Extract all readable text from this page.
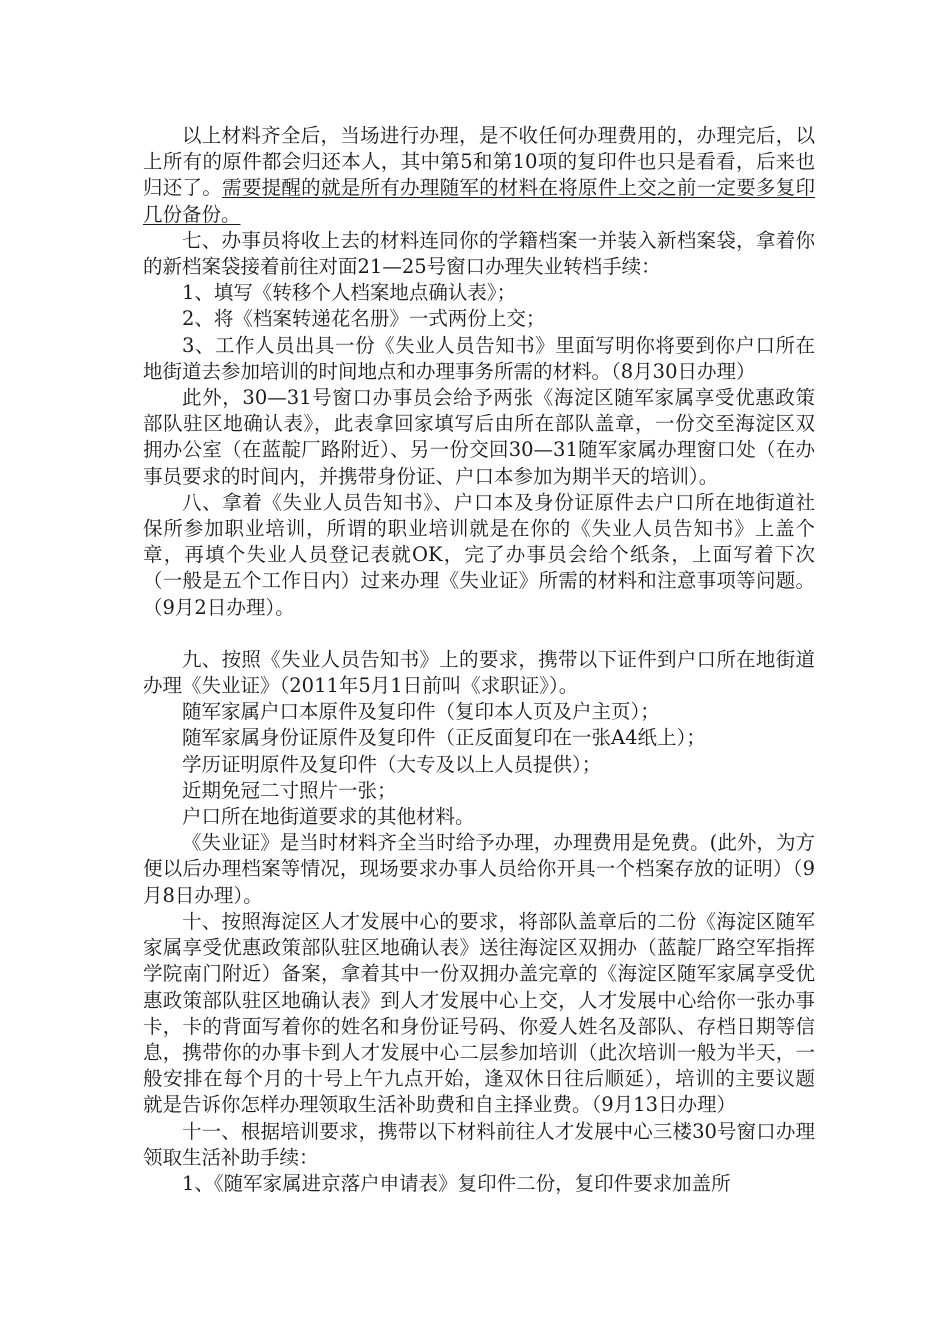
以上材料齐全后，当场进行办理，是不收任何办理费用的，办理完后，以上所有的原件都会归还本人，其中第5和第10项的复印件也只是看看，后来也归还了。需要提醒的就是所有办理随军的材料在将原件上交之前一定要多复印几份备份。

七、办事员将收上去的材料连同你的学籍档案一并装入新档案袋，拿着你的新档案袋接着前往对面21—25号窗口办理失业转档手续：

1、填写《转移个人档案地点确认表》；

2、将《档案转递花名册》一式两份上交；

3、工作人员出具一份《失业人员告知书》里面写明你将要到你户口所在地街道去参加培训的时间地点和办理事务所需的材料。（8月30日办理）

此外，30—31号窗口办事员会给予两张《海淀区随军家属享受优惠政策部队驻区地确认表》，此表拿回家填写后由所在部队盖章，一份交至海淀区双拥办公室（在蓝靛厂路附近）、另一份交回30—31随军家属办理窗口处（在办事员要求的时间内，并携带身份证、户口本参加为期半天的培训）。

八、拿着《失业人员告知书》、户口本及身份证原件去户口所在地街道社保所参加职业培训，所谓的职业培训就是在你的《失业人员告知书》上盖个章，再填个失业人员登记表就OK，完了办事员会给个纸条，上面写着下次（一般是五个工作日内）过来办理《失业证》所需的材料和注意事项等问题。（9月2日办理）。

九、按照《失业人员告知书》上的要求，携带以下证件到户口所在地街道办理《失业证》（2011年5月1日前叫《求职证》）。

随军家属户口本原件及复印件（复印本人页及户主页）；

随军家属身份证原件及复印件（正反面复印在一张A4纸上）；

学历证明原件及复印件（大专及以上人员提供）；

近期免冠二寸照片一张；

户口所在地街道要求的其他材料。

《失业证》是当时材料齐全当时给予办理，办理费用是免费。(此外，为方便以后办理档案等情况，现场要求办事人员给你开具一个档案存放的证明）（9月8日办理）。

十、按照海淀区人才发展中心的要求，将部队盖章后的二份《海淀区随军家属享受优惠政策部队驻区地确认表》送往海淀区双拥办（蓝靛厂路空军指挥学院南门附近）备案，拿着其中一份双拥办盖完章的《海淀区随军家属享受优惠政策部队驻区地确认表》到人才发展中心上交，人才发展中心给你一张办事卡，卡的背面写着你的姓名和身份证号码、你爱人姓名及部队、存档日期等信息，携带你的办事卡到人才发展中心二层参加培训（此次培训一般为半天，一般安排在每个月的十号上午九点开始，逢双休日往后顺延），培训的主要议题就是告诉你怎样办理领取生活补助费和自主择业费。（9月13日办理）

十一、根据培训要求，携带以下材料前往人才发展中心三楼30号窗口办理领取生活补助手续：

1、《随军家属进京落户申请表》复印件二份，复印件要求加盖所
